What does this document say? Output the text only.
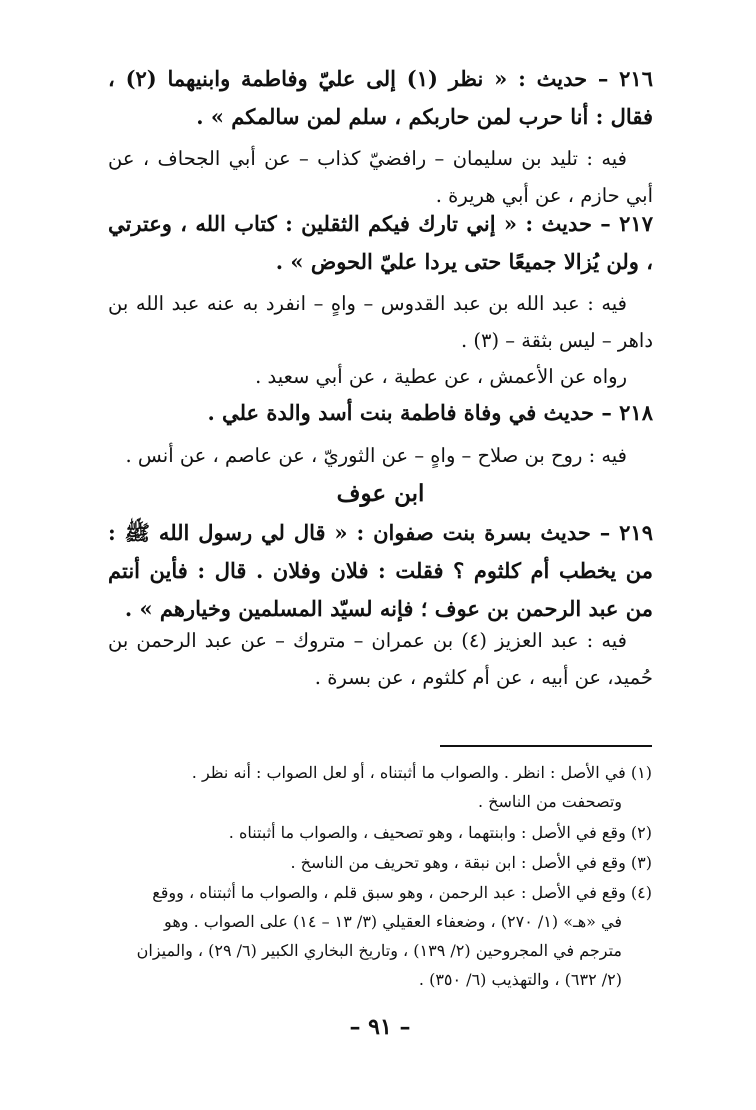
٢١٦ – حديث : « نظر (١) إلى عليّ وفاطمة وابنيهما (٢) ، فقال : أنا حرب لمن حاربكم ، سلم لمن سالمكم » .

فيه : تليد بن سليمان – رافضيّ كذاب – عن أبي الجحاف ، عن أبي حازم ، عن أبي هريرة .

٢١٧ – حديث : « إني تارك فيكم الثقلين : كتاب الله ، وعترتي ، ولن يُزالا جميعًا حتى يردا عليّ الحوض » .

فيه : عبد الله بن عبد القدوس – واهٍ – انفرد به عنه عبد الله بن داهر – ليس بثقة – (٣) .

رواه عن الأعمش ، عن عطية ، عن أبي سعيد .

٢١٨ – حديث في وفاة فاطمة بنت أسد والدة علي .

فيه : روح بن صلاح – واهٍ – عن الثوريّ ، عن عاصم ، عن أنس .

ابن عوف

٢١٩ – حديث بسرة بنت صفوان : « قال لي رسول الله ﷺ : من يخطب أم كلثوم ؟ فقلت : فلان وفلان . قال : فأين أنتم من عبد الرحمن بن عوف ؛ فإنه لسيّد المسلمين وخيارهم » .

فيه : عبد العزيز (٤) بن عمران – متروك – عن عبد الرحمن بن حُميد، عن أبيه ، عن أم كلثوم ، عن بسرة .

(١) في الأصل : انظر . والصواب ما أثبتناه ، أو لعل الصواب : أنه نظر .
وتصحفت من الناسخ .
(٢) وقع في الأصل : وابنتهما ، وهو تصحيف ، والصواب ما أثبتناه .
(٣) وقع في الأصل : ابن نبقة ، وهو تحريف من الناسخ .
(٤) وقع في الأصل : عبد الرحمن ، وهو سبق قلم ، والصواب ما أثبتناه ، ووقع
في «هـ» (١/ ٢٧٠) ، وضعفاء العقيلي (٣/ ١٣ – ١٤) على الصواب . وهو
مترجم في المجروحين (٢/ ١٣٩) ، وتاريخ البخاري الكبير (٦/ ٢٩) ، والميزان
(٢/ ٦٣٢) ، والتهذيب (٦/ ٣٥٠) .
– ٩١ –
